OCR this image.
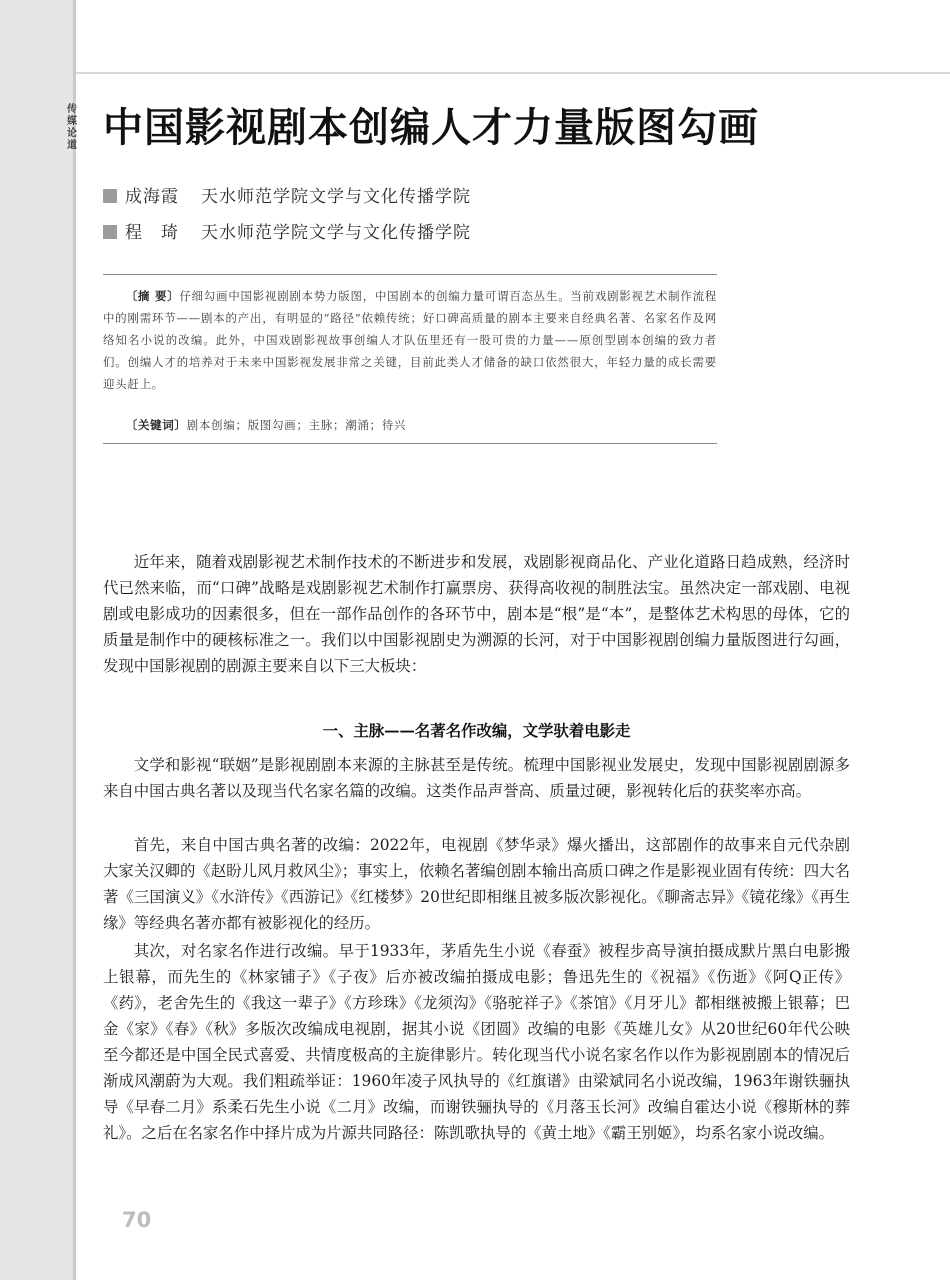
传媒论道 中国影视剧本创编人才力量版图勾画
成海霞 天水师范学院文学与文化传播学院
程　琦 天水师范学院文学与文化传播学院

〔摘 要〕仔细勾画中国影视剧剧本势力版图，中国剧本的创编力量可谓百态丛生。当前戏剧影视艺术制作流程中的刚需环节——剧本的产出，有明显的“路径”依赖传统；好口碑高质量的剧本主要来自经典名著、名家名作及网络知名小说的改编。此外，中国戏剧影视故事创编人才队伍里还有一股可贵的力量——原创型剧本创编的致力者们。创编人才的培养对于未来中国影视发展非常之关键，目前此类人才储备的缺口依然很大，年轻力量的成长需要迎头赶上。

〔关键词〕剧本创编；版图勾画；主脉；潮涌；待兴

近年来，随着戏剧影视艺术制作技术的不断进步和发展，戏剧影视商品化、产业化道路日趋成熟，经济时代已然来临，而“口碑”战略是戏剧影视艺术制作打赢票房、获得高收视的制胜法宝。虽然决定一部戏剧、电视剧或电影成功的因素很多，但在一部作品创作的各环节中，剧本是“根”是“本”，是整体艺术构思的母体，它的质量是制作中的硬核标准之一。我们以中国影视剧史为溯源的长河，对于中国影视剧创编力量版图进行勾画，发现中国影视剧的剧源主要来自以下三大板块：

一、主脉——名著名作改编，文学驮着电影走

文学和影视“联姻”是影视剧剧本来源的主脉甚至是传统。梳理中国影视业发展史，发现中国影视剧剧源多来自中国古典名著以及现当代名家名篇的改编。这类作品声誉高、质量过硬，影视转化后的获奖率亦高。

首先，来自中国古典名著的改编：2022年，电视剧《梦华录》爆火播出，这部剧作的故事来自元代杂剧大家关汉卿的《赵盼儿风月救风尘》；事实上，依赖名著编创剧本输出高质口碑之作是影视业固有传统：四大名著《三国演义》《水浒传》《西游记》《红楼梦》20世纪即相继且被多版次影视化。《聊斋志异》《镜花缘》《再生缘》等经典名著亦都有被影视化的经历。

其次，对名家名作进行改编。早于1933年，茅盾先生小说《春蚕》被程步高导演拍摄成默片黑白电影搬上银幕，而先生的《林家铺子》《子夜》后亦被改编拍摄成电影；鲁迅先生的《祝福》《伤逝》《阿Q正传》《药》，老舍先生的《我这一辈子》《方珍珠》《龙须沟》《骆驼祥子》《茶馆》《月牙儿》都相继被搬上银幕；巴金《家》《春》《秋》多版次改编成电视剧，据其小说《团圆》改编的电影《英雄儿女》从20世纪60年代公映至今都还是中国全民式喜爱、共情度极高的主旋律影片。转化现当代小说名家名作以作为影视剧剧本的情况后渐成风潮蔚为大观。我们粗疏举证：1960年凌子风执导的《红旗谱》由梁斌同名小说改编，1963年谢铁骊执导《早春二月》系柔石先生小说《二月》改编，而谢铁骊执导的《月落玉长河》改编自霍达小说《穆斯林的葬礼》。之后在名家名作中择片成为片源共同路径：陈凯歌执导的《黄土地》《霸王别姬》，均系名家小说改编。

70
